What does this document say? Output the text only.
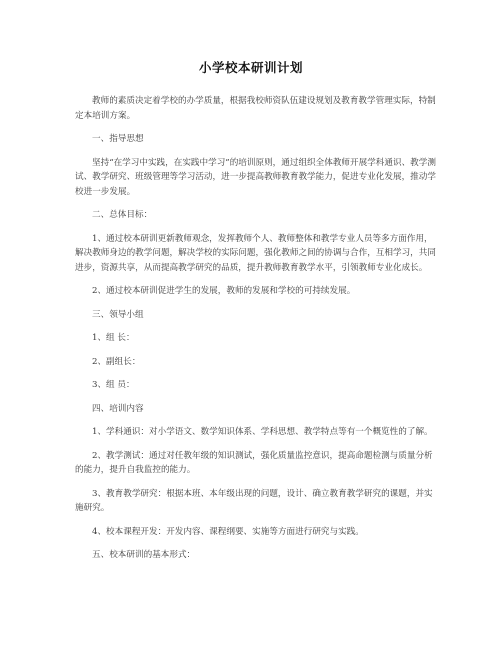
小学校本研训计划

教师的素质决定着学校的办学质量，根据我校师资队伍建设规划及教育教学管理实际，特制定本培训方案。

一、指导思想

坚持“在学习中实践，在实践中学习”的培训原则，通过组织全体教师开展学科通识、教学测试、教学研究、班级管理等学习活动，进一步提高教师教育教学能力，促进专业化发展，推动学校进一步发展。

二、总体目标：

1、通过校本研训更新教师观念，发挥教师个人、教师整体和教学专业人员等多方面作用，解决教师身边的教学问题，解决学校的实际问题，强化教师之间的协调与合作，互相学习，共同进步，资源共享，从而提高教学研究的品质，提升教师教育教学水平，引领教师专业化成长。

2、通过校本研训促进学生的发展，教师的发展和学校的可持续发展。

三、领导小组

1、组 长：

2、副组长：

3、组 员：

四、培训内容

1、学科通识：对小学语文、数学知识体系、学科思想、教学特点等有一个概览性的了解。

2、教学测试：通过对任教年级的知识测试，强化质量监控意识，提高命题检测与质量分析的能力，提升自我监控的能力。

3、教育教学研究：根据本班、本年级出现的问题，设计、确立教育教学研究的课题，并实施研究。

4、校本课程开发：开发内容、课程纲要、实施等方面进行研究与实践。

五、校本研训的基本形式：
